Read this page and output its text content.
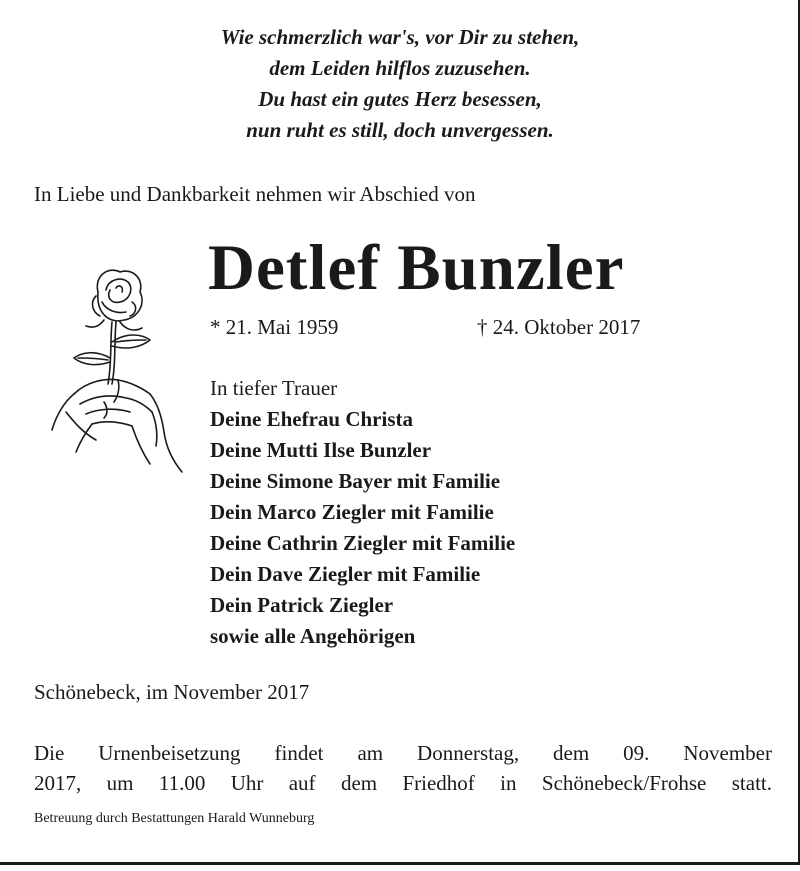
Wie schmerzlich war's, vor Dir zu stehen,
dem Leiden hilflos zuzusehen.
Du hast ein gutes Herz besessen,
nun ruht es still, doch unvergessen.
In Liebe und Dankbarkeit nehmen wir Abschied von
Detlef Bunzler
* 21. Mai 1959	† 24. Oktober 2017
In tiefer Trauer
Deine Ehefrau Christa
Deine Mutti Ilse Bunzler
Deine Simone Bayer mit Familie
Dein Marco Ziegler mit Familie
Deine Cathrin Ziegler mit Familie
Dein Dave Ziegler mit Familie
Dein Patrick Ziegler
sowie alle Angehörigen
Schönebeck, im November 2017
Die Urnenbeisetzung findet am Donnerstag, dem 09. November
2017, um 11.00 Uhr auf dem Friedhof in Schönebeck/Frohse statt.
Betreuung durch Bestattungen Harald Wunneburg
